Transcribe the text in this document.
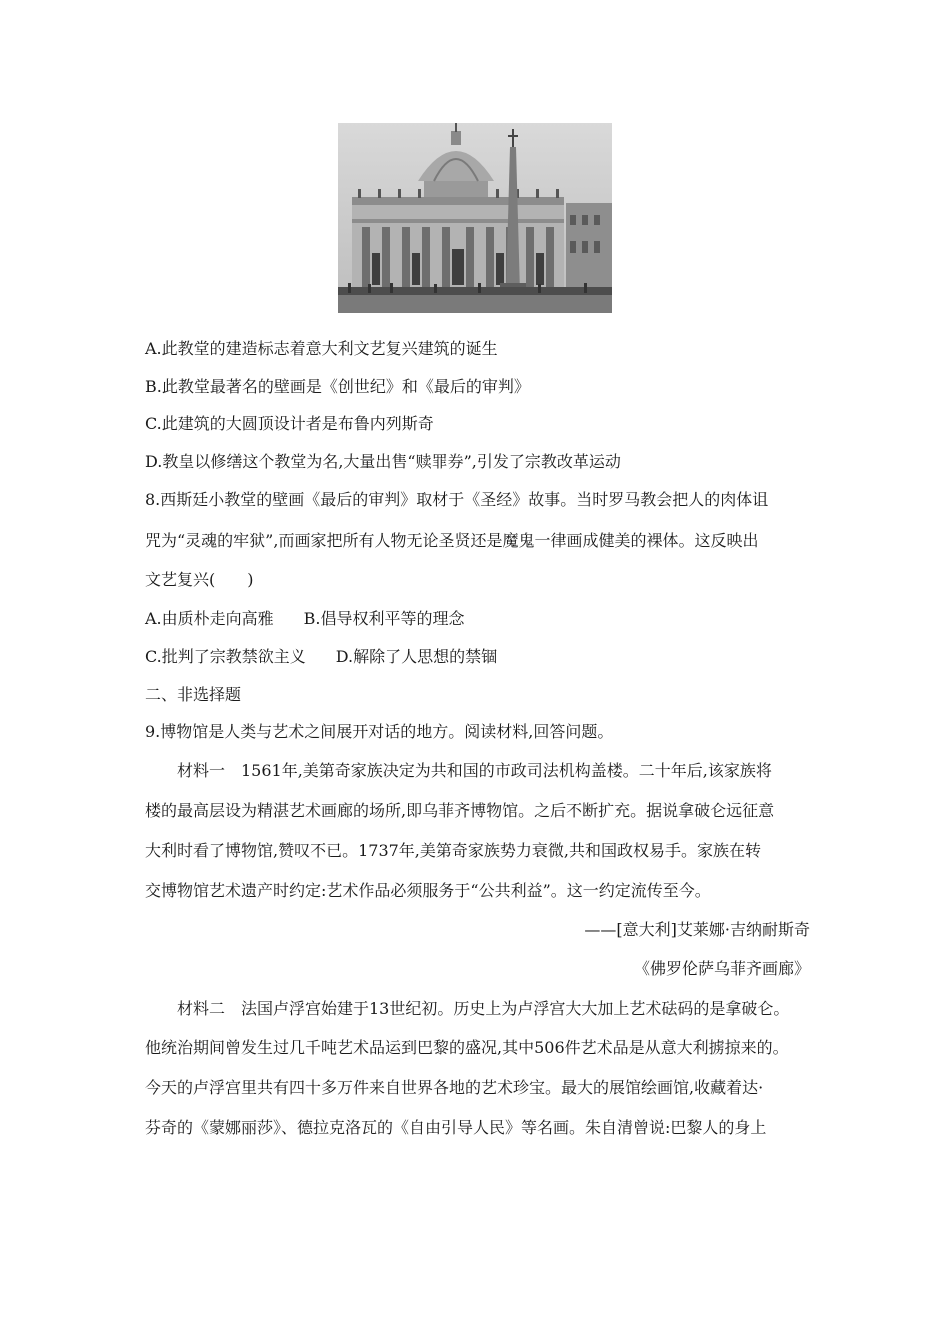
A.此教堂的建造标志着意大利文艺复兴建筑的诞生
B.此教堂最著名的壁画是《创世纪》和《最后的审判》
C.此建筑的大圆顶设计者是布鲁内列斯奇
D.教皇以修缮这个教堂为名,大量出售“赎罪券”,引发了宗教改革运动
8.西斯廷小教堂的壁画《最后的审判》取材于《圣经》故事。当时罗马教会把人的肉体诅
咒为“灵魂的牢狱”,而画家把所有人物无论圣贤还是魔鬼一律画成健美的裸体。这反映出
文艺复兴(　　)
A.由质朴走向高雅 B.倡导权利平等的理念
C.批判了宗教禁欲主义 D.解除了人思想的禁锢
二、非选择题
9.博物馆是人类与艺术之间展开对话的地方。阅读材料,回答问题。
材料一　1561年,美第奇家族决定为共和国的市政司法机构盖楼。二十年后,该家族将
楼的最高层设为精湛艺术画廊的场所,即乌菲齐博物馆。之后不断扩充。据说拿破仑远征意
大利时看了博物馆,赞叹不已。1737年,美第奇家族势力衰微,共和国政权易手。家族在转
交博物馆艺术遗产时约定:艺术作品必须服务于“公共利益”。这一约定流传至今。
——[意大利]艾莱娜·吉纳耐斯奇
《佛罗伦萨乌菲齐画廊》
材料二　法国卢浮宫始建于13世纪初。历史上为卢浮宫大大加上艺术砝码的是拿破仑。
他统治期间曾发生过几千吨艺术品运到巴黎的盛况,其中506件艺术品是从意大利掳掠来的。
今天的卢浮宫里共有四十多万件来自世界各地的艺术珍宝。最大的展馆绘画馆,收藏着达·
芬奇的《蒙娜丽莎》、德拉克洛瓦的《自由引导人民》等名画。朱自清曾说:巴黎人的身上
